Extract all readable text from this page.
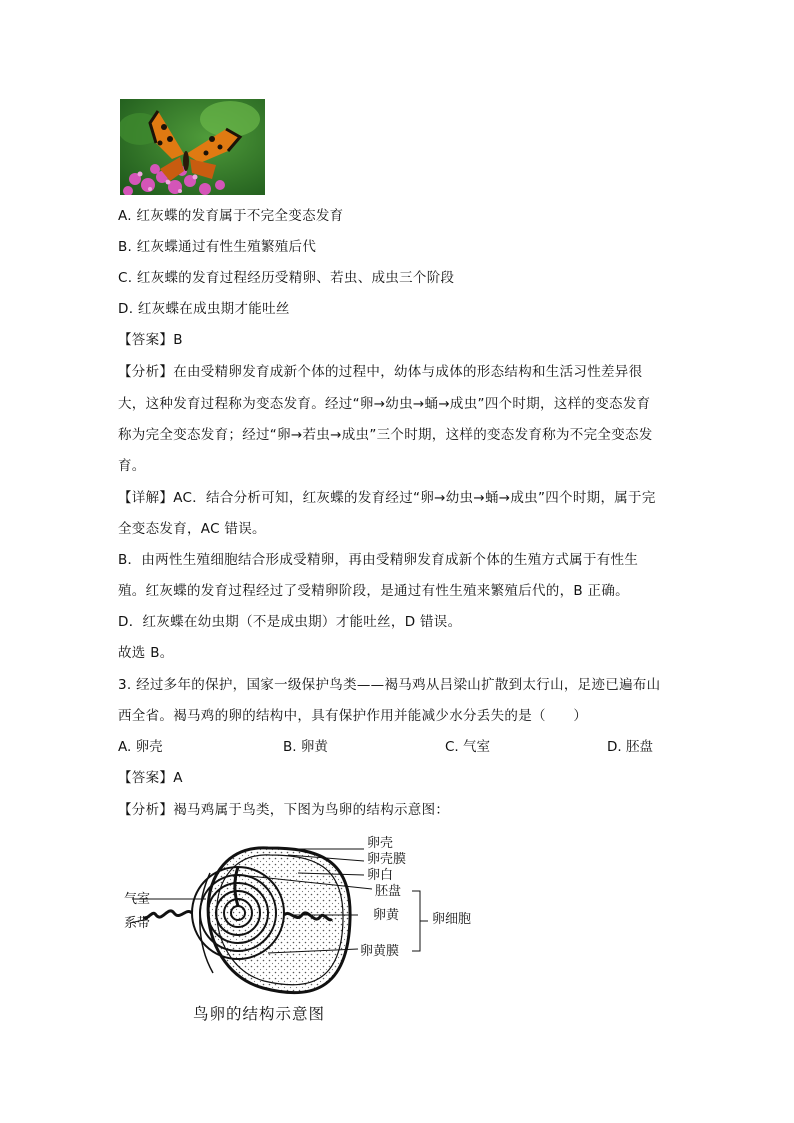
A. 红灰蝶的发育属于不完全变态发育
B. 红灰蝶通过有性生殖繁殖后代
C. 红灰蝶的发育过程经历受精卵、若虫、成虫三个阶段
D. 红灰蝶在成虫期才能吐丝
【答案】B
【分析】在由受精卵发育成新个体的过程中，幼体与成体的形态结构和生活习性差异很
大，这种发育过程称为变态发育。经过“卵→幼虫→蛹→成虫”四个时期，这样的变态发育
称为完全变态发育；经过“卵→若虫→成虫”三个时期，这样的变态发育称为不完全变态发
育。
【详解】AC．结合分析可知，红灰蝶的发育经过“卵→幼虫→蛹→成虫”四个时期，属于完
全变态发育，AC 错误。
B．由两性生殖细胞结合形成受精卵，再由受精卵发育成新个体的生殖方式属于有性生
殖。红灰蝶的发育过程经过了受精卵阶段，是通过有性生殖来繁殖后代的，B 正确。
D．红灰蝶在幼虫期（不是成虫期）才能吐丝，D 错误。
故选 B。
3. 经过多年的保护，国家一级保护鸟类——褐马鸡从吕梁山扩散到太行山，足迹已遍布山
西全省。褐马鸡的卵的结构中，具有保护作用并能减少水分丢失的是（　　）
A. 卵壳	B. 卵黄	C. 气室	D. 胚盘
【答案】A
【分析】褐马鸡属于鸟类，下图为鸟卵的结构示意图：
卵壳
卵壳膜
卵白
胚盘
卵黄
卵黄膜
卵细胞
气室
系带
鸟卵的结构示意图
